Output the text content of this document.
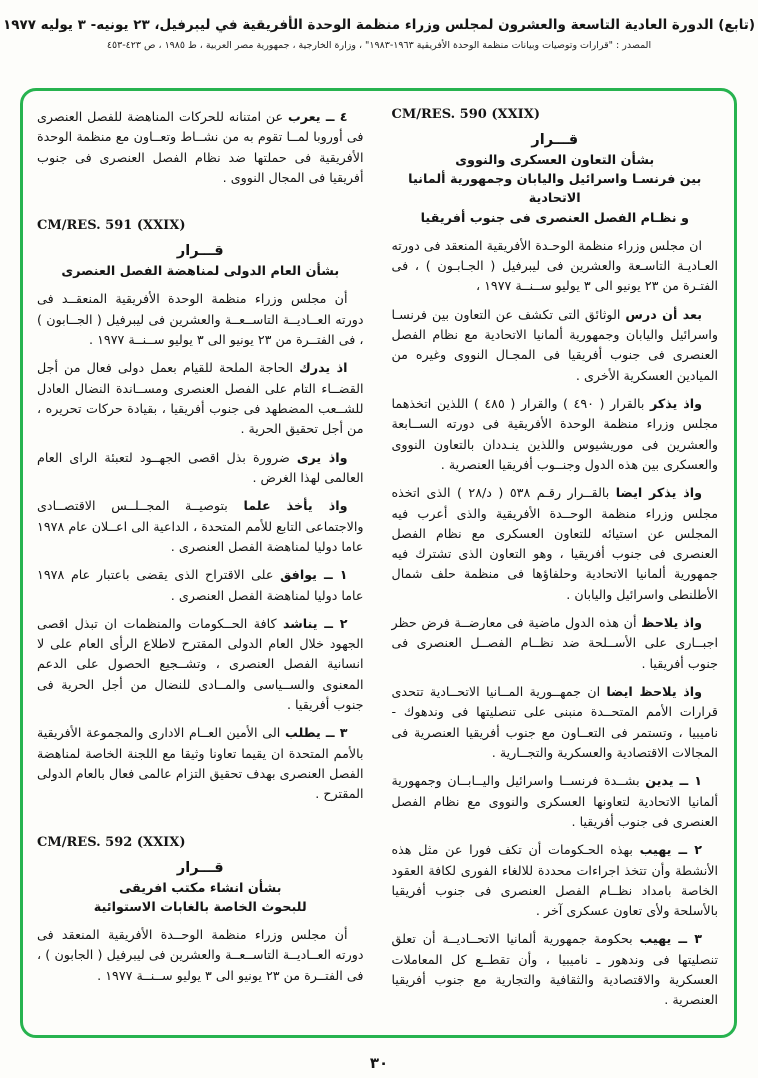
(تابع) الدورة العادية التاسعة والعشرون لمجلس وزراء منظمة الوحدة الأفريقية في ليبرفيل، ٢٣ يونيه- ٣ يوليه ١٩٧٧
المصدر : "قرارات وتوصيات وبيانات منظمة الوحدة الأفريقية ١٩٦٣-١٩٨٣" ، وزارة الخارجية ، جمهورية مصر العربية ، ط ١٩٨٥ ، ص ٤٢٣-٤٥٣
CM/RES. 590 (XXIX)
قـــرار
بشأن التعاون العسكرى والنووى
بين فرنسـا واسرائيل واليابان وجمهورية ألمانيا الاتحادية
و نظـام الفصل العنصرى فى جنوب أفريقيا

ان مجلس وزراء منظمة الوحـدة الأفريقية المنعقد فى دورته العـاديـة التاسـعة والعشرين فى ليبرفيل ( الجـابـون ) ، فى الفتـرة من ٢٣ يونيو الى ٣ يوليو ســنــة ١٩٧٧ ،

بعد أن درس الوثائق التى تكشف عن التعاون بين فرنسـا واسرائيل واليابان وجمهورية ألمانيا الاتحادية مع نظام الفصل العنصرى فى جنوب أفريقيا فى المجـال النووى وغيره من الميادين العسكرية الأخرى .

واذ يذكر بالقرار ( ٤٩٠ ) والقرار ( ٤٨٥ ) اللذين اتخذهما مجلس وزراء منظمة الوحدة الأفريقية فى دورته الســابعة والعشرين فى موريشيوس واللذين ينـددان بالتعاون النووى والعسكرى بين هذه الدول وجنــوب أفريقيا العنصرية .

واذ يذكر ايضا بالقــرار رقـم ٥٣٨ ( د/٢٨ ) الذى اتخذه مجلس وزراء منظمة الوحــدة الأفريقية والذى أعرب فيه المجلس عن استيائه للتعاون العسكرى مع نظام الفصل العنصرى فى جنوب أفريقيا ، وهو التعاون الذى تشترك فيه جمهورية ألمانيا الاتحادية وحلفاؤها فى منظمة حلف شمال الأطلنطى واسرائيل واليابان .

واذ يلاحظ أن هذه الدول ماضية فى معارضــة فرض حظر اجبــارى على الأســلحة ضد نظــام الفصــل العنصرى فى جنوب أفريقيا .

واذ يلاحظ ايضا ان جمهــورية المــانيا الاتحــادية تتحدى قرارات الأمم المتحــدة منبنى على تنصليتها فى وندهوك - ناميبيا ، وتستمر فى التعــاون مع جنوب أفريقيا العنصرية فى المجالات الاقتصادية والعسكرية والتجــارية .

١ ــ يدين بشــدة فرنســا واسرائيل واليــابــان وجمهورية ألمانيا الاتحادية لتعاونها العسكرى والنووى مع نظام الفصل العنصرى فى جنوب أفريقيا .

٢ ــ يهيب بهذه الحـكومات أن تكف فورا عن مثل هذه الأنشطة وأن تتخذ اجراءات محددة للالغاء الفورى لكافة العقود الخاصة بامداد نظــام الفصل العنصرى فى جنوب أفريقيا بالأسلحة ولأى تعاون عسكرى آخر .

٣ ــ يهيب بحكومة جمهورية ألمانيا الاتحــاديــة أن تعلق تنصليتها فى وندهور ـ ناميبيا ، وأن تقطــع كل المعاملات العسكرية والاقتصادية والثقافية والتجارية مع جنوب أفريقيا العنصرية .

٤ ــ يعرب عن امتنانه للحركات المناهضة للفصل العنصرى فى أوروبا لمــا تقوم به من نشــاط وتعــاون مع منظمة الوحدة الأفريقية فى حملتها ضد نظام الفصل العنصرى فى جنوب أفريقيا فى المجال النووى .

CM/RES. 591 (XXIX)
قـــرار
بشأن العام الدولى لمناهضة الفصل العنصرى

أن مجلس وزراء منظمة الوحدة الأفريقية المنعقــد فى دورته العــاديــة التاســعــة والعشرين فى ليبرفيل ( الجــابون ) ، فى الفتــرة من ٢٣ يونيو الى ٣ يوليو ســنــة ١٩٧٧ .

اذ يدرك الحاجة الملحة للقيام بعمل دولى فعال من أجل القضــاء التام على الفصل العنصرى ومســاندة النضال العادل للشــعب المضطهد فى جنوب أفريقيا ، بقيادة حركات تحريره ، من أجل تحقيق الحرية .

واذ يرى ضرورة بذل اقصى الجهــود لتعبئة الراى العام العالمى لهذا الغرض .

واذ يأخذ علما بتوصيــة المجــلــس الاقتصــادى والاجتماعى التابع للأمم المتحدة ، الداعية الى اعــلان عام ١٩٧٨ عاما دوليا لمناهضة الفصل العنصرى .

١ ــ يوافق على الاقتراح الذى يقضى باعتبار عام ١٩٧٨ عاما دوليا لمناهضة الفصل العنصرى .

٢ ــ يناشد كافة الحــكومات والمنظمات ان تبذل اقصى الجهود خلال العام الدولى المقترح لاطلاع الرأى العام على لا انسانية الفصل العنصرى ، وتشــجيع الحصول على الدعم المعنوى والســياسى والمــادى للنضال من أجل الحرية فى جنوب أفريقيا .

٣ ــ يطلب الى الأمين العــام الادارى والمجموعة الأفريقية بالأمم المتحدة ان يقيما تعاونا وثيقا مع اللجنة الخاصة لمناهضة الفصل العنصرى بهدف تحقيق التزام عالمى فعال بالعام الدولى المقترح .

CM/RES. 592 (XXIX)
قـــرار
بشأن انشاء مكتب افريقى
للبحوث الخاصة بالغابات الاستوائية

أن مجلس وزراء منظمة الوحــدة الأفريقية المنعقد فى دورته العــاديــة التاســعــة والعشرين فى ليبرفيل ( الجابون ) ، فى الفتــرة من ٢٣ يونيو الى ٣ يوليو ســنــة ١٩٧٧ .

٣٠
